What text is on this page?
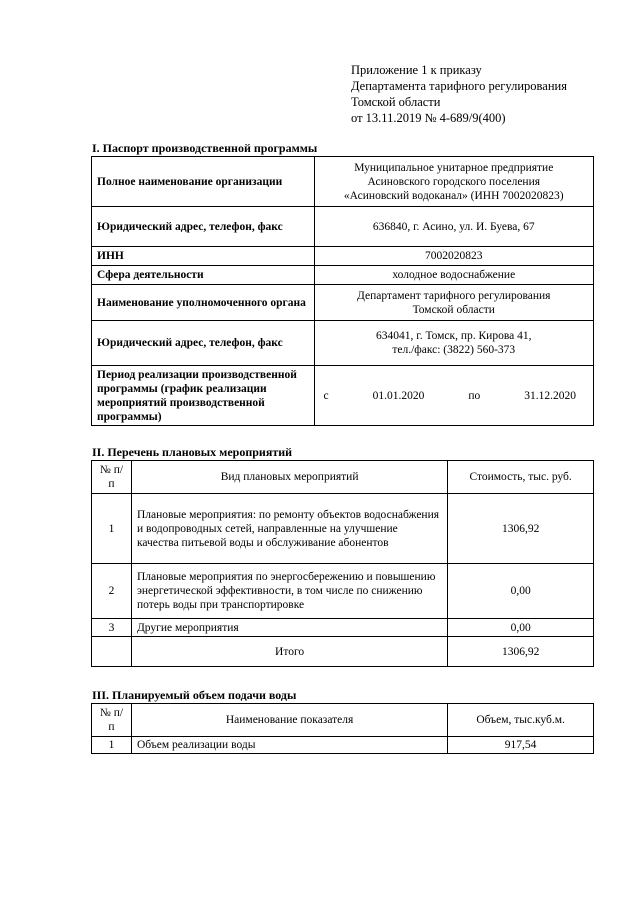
Приложение 1 к приказу
Департамента тарифного регулирования
Томской области
от 13.11.2019 № 4-689/9(400)
I. Паспорт производственной программы
Полное наименование организации	Муниципальное унитарное предприятие
Асиновского городского поселения
«Асиновский водоканал» (ИНН 7002020823)

Юридический адрес, телефон, факс	636840, г. Асино, ул. И. Буева, 67

ИНН	7002020823

Сфера деятельности	холодное водоснабжение

Наименование уполномоченного органа	Департамент тарифного регулирования
Томской области

Юридический адрес, телефон, факс	634041, г. Томск, пр. Кирова 41,
тел./факс: (3822) 560-373

Период реализации производственной программы (график реализации мероприятий производственной программы)	с 01.01.2020 по 31.12.2020
II. Перечень плановых мероприятий
№ п/п	Вид плановых мероприятий	Стоимость, тыс. руб.
1	Плановые мероприятия: по ремонту объектов водоснабжения и водопроводных сетей, направленные на улучшение качества питьевой воды и обслуживание абонентов	1306,92
2	Плановые мероприятия по энергосбережению и повышению энергетической эффективности, в том числе по снижению потерь воды при транспортировке	0,00
3	Другие мероприятия	0,00
	Итого	1306,92
III. Планируемый объем подачи воды
№ п/п	Наименование показателя	Объем, тыс.куб.м.
1	Объем реализации воды	917,54
